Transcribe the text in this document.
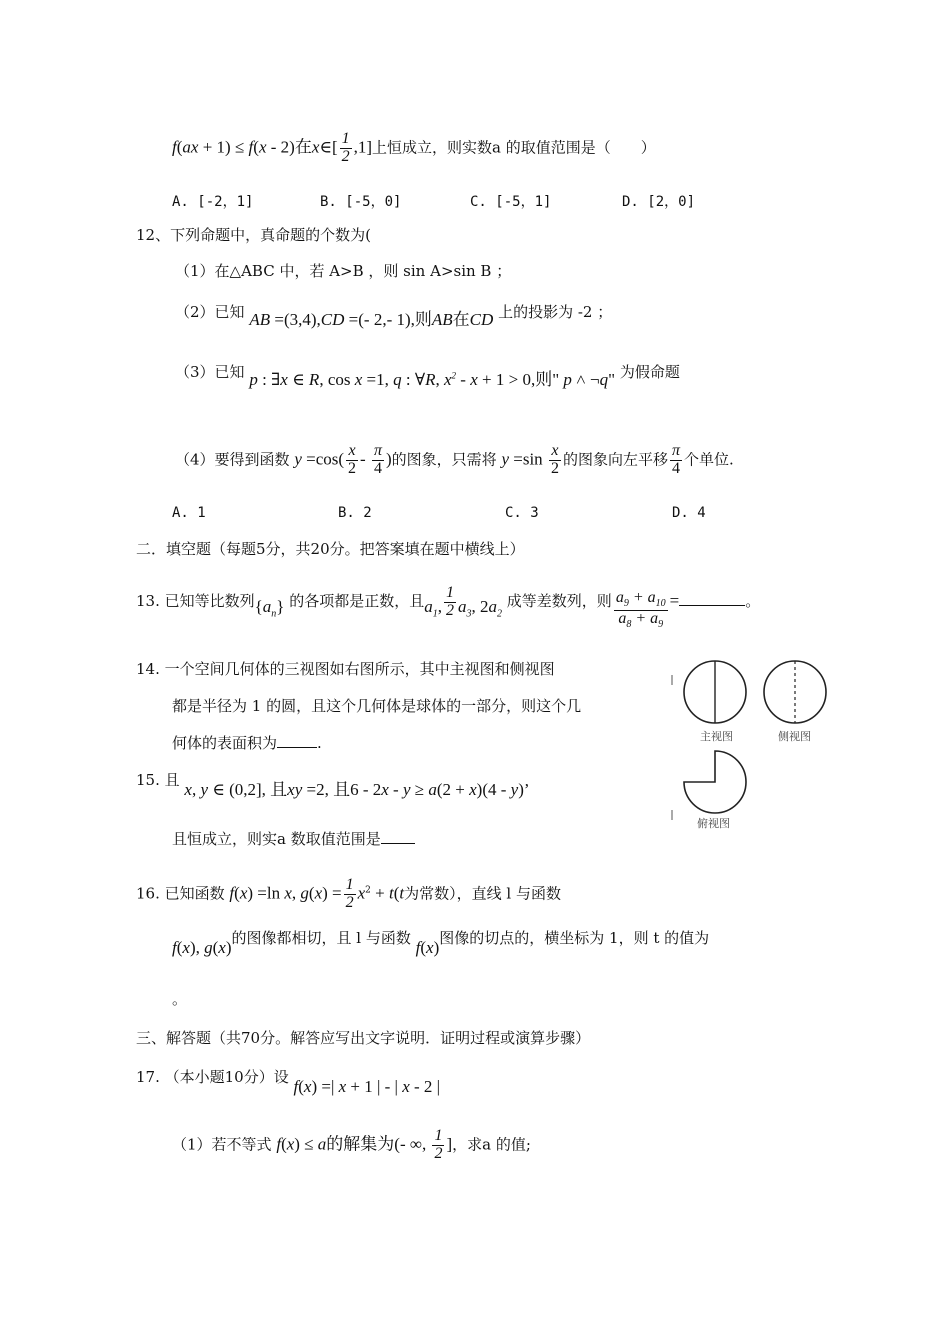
f(ax + 1) ≤ f(x - 2)在x∈[ $\frac{1}{2} ,1$]上恒成立，则实数a 的取值范围是（　　）
A. [-2，1]	B. [-5，0]	C. [-5，1]	D. [2，0]
12、下列命题中，真命题的个数为(
（1）在△ABC 中，若 A>B ，则 sin A>sin B ；
（2）已知 AB =(3,4),CD =(- 2,- 1),则AB在CD 上的投影为 -2 ；
（3）已知 p : ∃x ∈ R, cos x =1, q : ∀R, $x^2 - x + 1 > 0$,则" p ˄ ¬q" 为假命题
（4）要得到函数 $y =\cos( \frac{x}{2} - \frac{\pi}{4}$ )的图象，只需将 $y =\sin \frac{x}{2}$ 的图象向左平移 $\frac{\pi}{4}$ 个单位.
A. 1	B. 2	C. 3	D. 4
二．填空题（每题5分，共20分。把答案填在题中横线上）
13. 已知等比数列$\{a_n\}$ 的各项都是正数，且$a_1$, $\frac{1}{2} a_3$, $2a_2$ 成等差数列，则 $\frac{a_9 + a_{10}}{a_8 + a_9}$ =	。
14. 一个空间几何体的三视图如右图所示，其中主视图和侧视图
都是半径为 1 的圆，且这个几何体是球体的一部分，则这个几
何体的表面积为	.	主视图	侧视图
俯视图
15. 且 x, y ∈ (0,2], 且xy =2, 且6 - 2x - y ≥ a(2 + x)(4 - y)’
且恒成立，则实a 数取值范围是
16. 已知函数 f(x) =ln x, $g(x) = \frac{1}{2} x^2 + t(t$为常数），直线 l 与函数
f(x), g(x)的图像都相切，且 l 与函数 f(x)图像的切点的，横坐标为 1，则 t 的值为
。
三、解答题（共70分。解答应写出文字说明．证明过程或演算步骤）
17. （本小题10分）设 f(x) =| x + 1 | - | x - 2 |
（1）若不等式 f(x) ≤ a的解集为(- ∞, $\frac{1}{2}$ ]，求a 的值;
